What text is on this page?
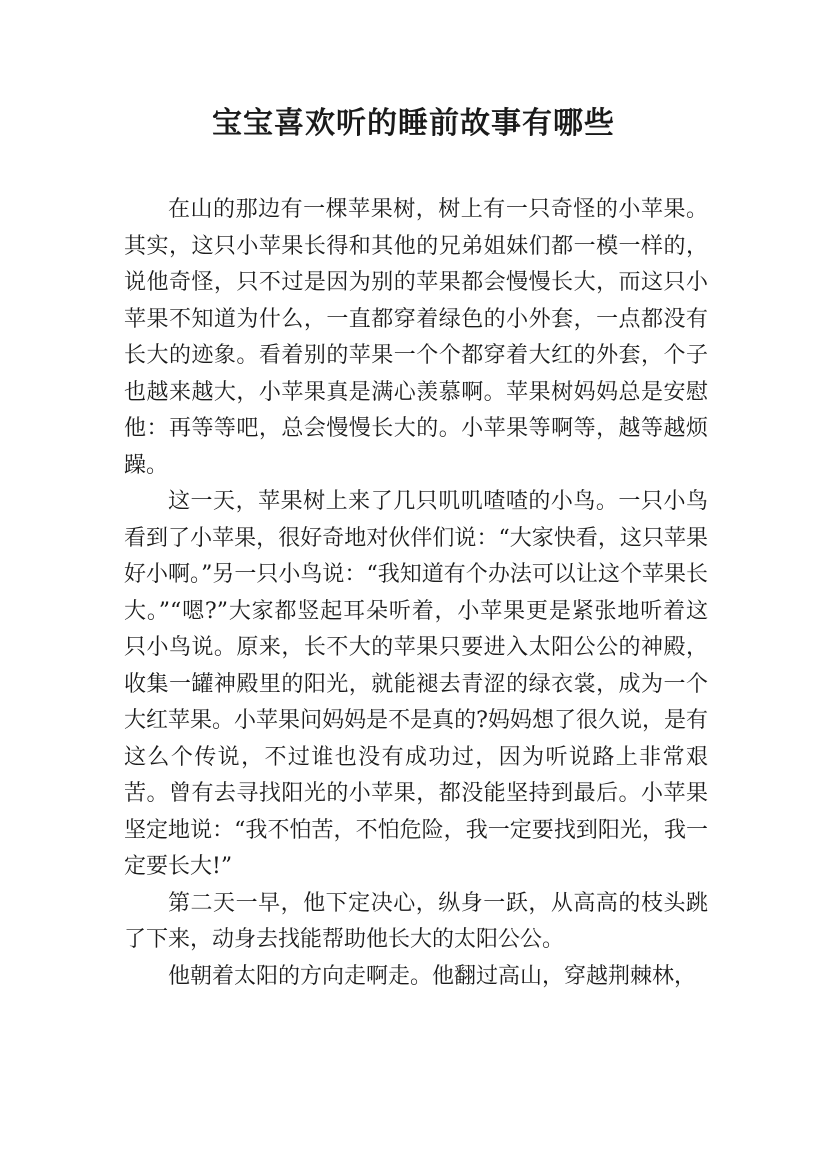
宝宝喜欢听的睡前故事有哪些

在山的那边有一棵苹果树，树上有一只奇怪的小苹果。其实，这只小苹果长得和其他的兄弟姐妹们都一模一样的，说他奇怪，只不过是因为别的苹果都会慢慢长大，而这只小苹果不知道为什么，一直都穿着绿色的小外套，一点都没有长大的迹象。看着别的苹果一个个都穿着大红的外套，个子也越来越大，小苹果真是满心羡慕啊。苹果树妈妈总是安慰他：再等等吧，总会慢慢长大的。小苹果等啊等，越等越烦躁。

这一天，苹果树上来了几只叽叽喳喳的小鸟。一只小鸟看到了小苹果，很好奇地对伙伴们说：“大家快看，这只苹果好小啊。”另一只小鸟说：“我知道有个办法可以让这个苹果长大。”“嗯?”大家都竖起耳朵听着，小苹果更是紧张地听着这只小鸟说。原来，长不大的苹果只要进入太阳公公的神殿，收集一罐神殿里的阳光，就能褪去青涩的绿衣裳，成为一个大红苹果。小苹果问妈妈是不是真的?妈妈想了很久说，是有这么个传说，不过谁也没有成功过，因为听说路上非常艰苦。曾有去寻找阳光的小苹果，都没能坚持到最后。小苹果坚定地说：“我不怕苦，不怕危险，我一定要找到阳光，我一定要长大!”

第二天一早，他下定决心，纵身一跃，从高高的枝头跳了下来，动身去找能帮助他长大的太阳公公。

他朝着太阳的方向走啊走。他翻过高山，穿越荆棘林，
